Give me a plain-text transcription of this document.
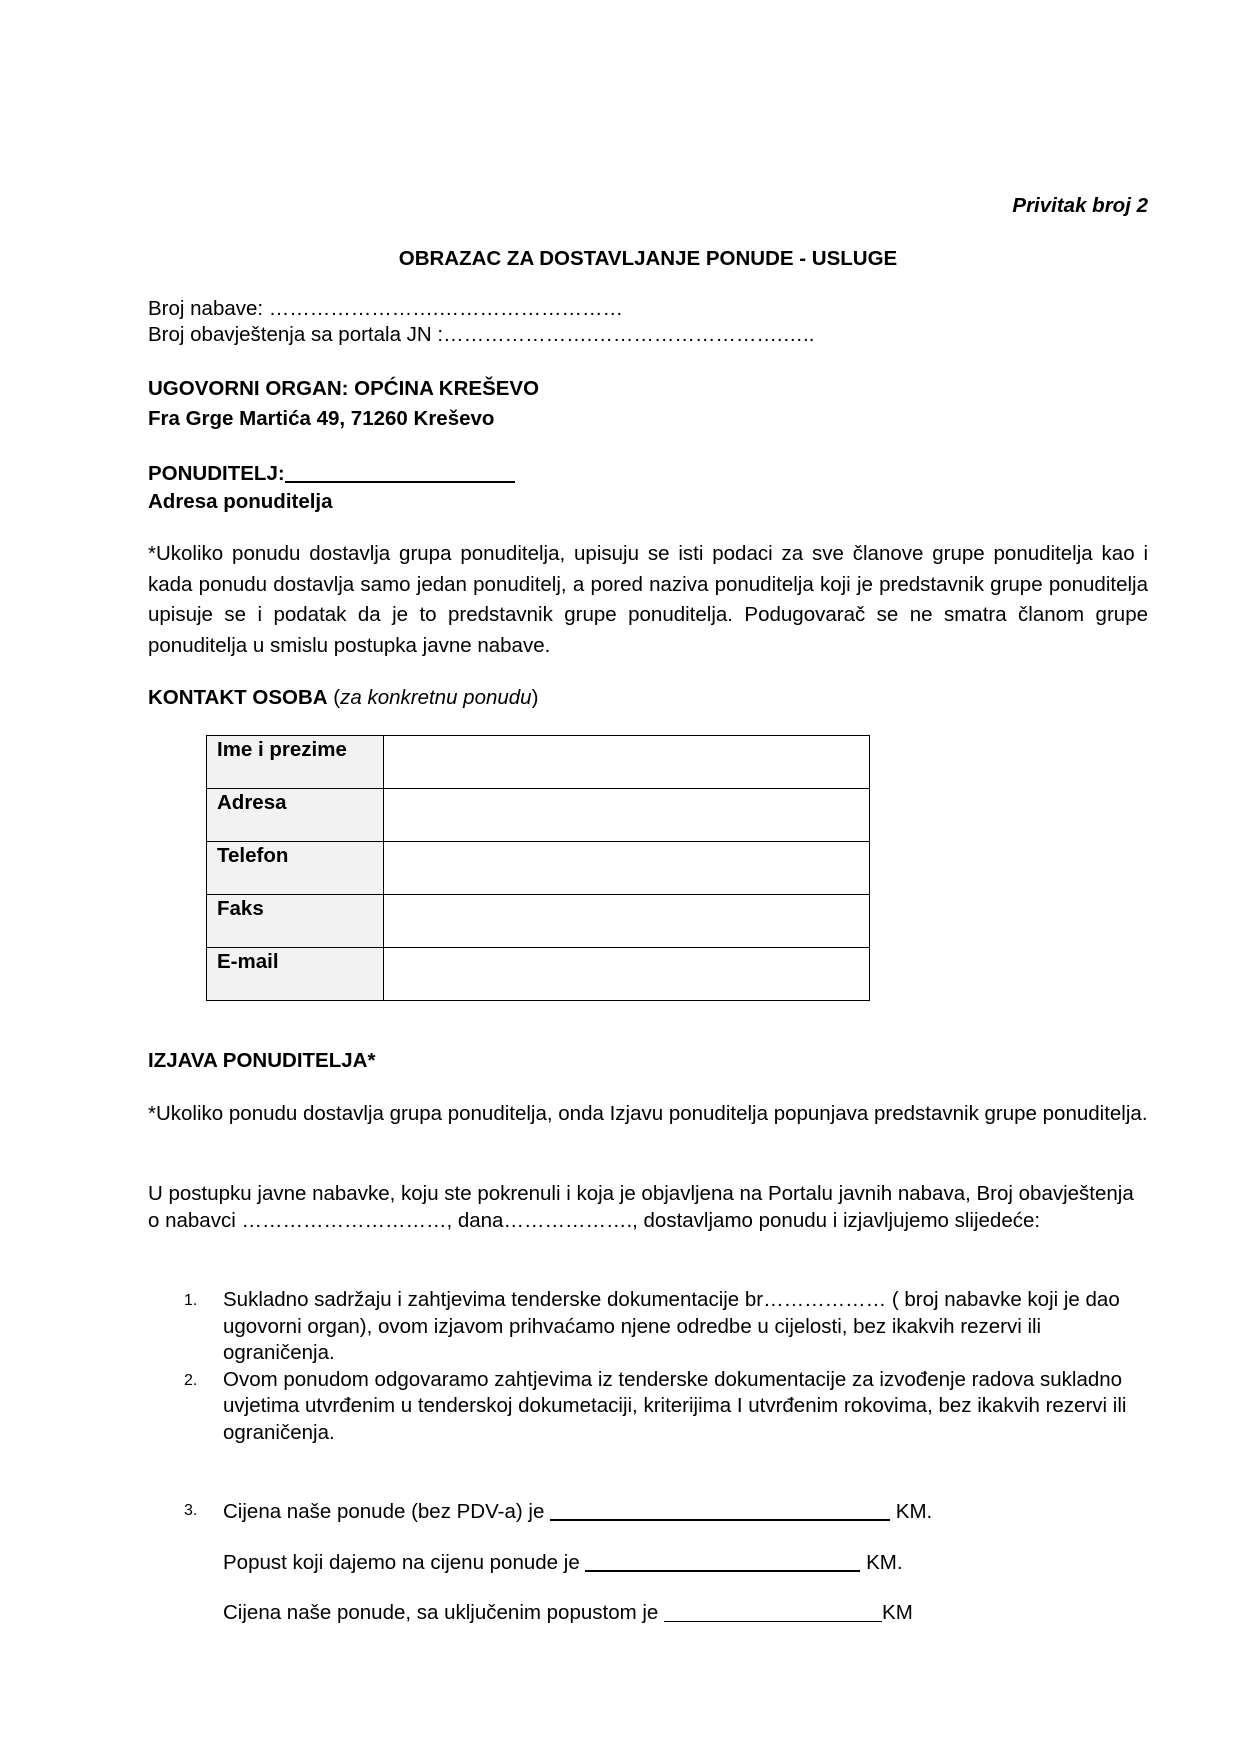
Privitak broj 2
OBRAZAC ZA DOSTAVLJANJE PONUDE - USLUGE
Broj nabave: …………………….………………………
Broj obavještenja sa portala JN :………………….……………………….…..
UGOVORNI ORGAN: OPĆINA KREŠEVO
Fra Grge Martića 49, 71260 Kreševo
PONUDITELJ:
Adresa ponuditelja
*Ukoliko ponudu dostavlja grupa ponuditelja, upisuju se isti podaci za sve članove grupe ponuditelja kao i kada ponudu dostavlja samo jedan ponuditelj, a pored naziva ponuditelja koji je predstavnik grupe ponuditelja upisuje se i podatak da je to predstavnik grupe ponuditelja. Podugovarač se ne smatra članom grupe ponuditelja u smislu postupka javne nabave.
KONTAKT OSOBA (za konkretnu ponudu)
Ime i prezime	
Adresa	
Telefon	
Faks	
E-mail	
IZJAVA PONUDITELJA*
*Ukoliko ponudu dostavlja grupa ponuditelja, onda Izjavu ponuditelja popunjava predstavnik grupe ponuditelja.
U postupku javne nabavke, koju ste pokrenuli i koja je objavljena na Portalu javnih nabava, Broj obavještenja o nabavci …………………………, dana………………., dostavljamo ponudu i izjavljujemo slijedeće:
1. Sukladno sadržaju i zahtjevima tenderske dokumentacije br……………… ( broj nabavke koji je dao ugovorni organ), ovom izjavom prihvaćamo njene odredbe u cijelosti, bez ikakvih rezervi ili ograničenja.
2. Ovom ponudom odgovaramo zahtjevima iz tenderske dokumentacije za izvođenje radova sukladno uvjetima utvrđenim u tenderskoj dokumetaciji, kriterijima I utvrđenim rokovima, bez ikakvih rezervi ili ograničenja.
3. Cijena naše ponude (bez PDV-a) je	KM.
Popust koji dajemo na cijenu ponude je	KM.
Cijena naše ponude, sa uključenim popustom je	KM
